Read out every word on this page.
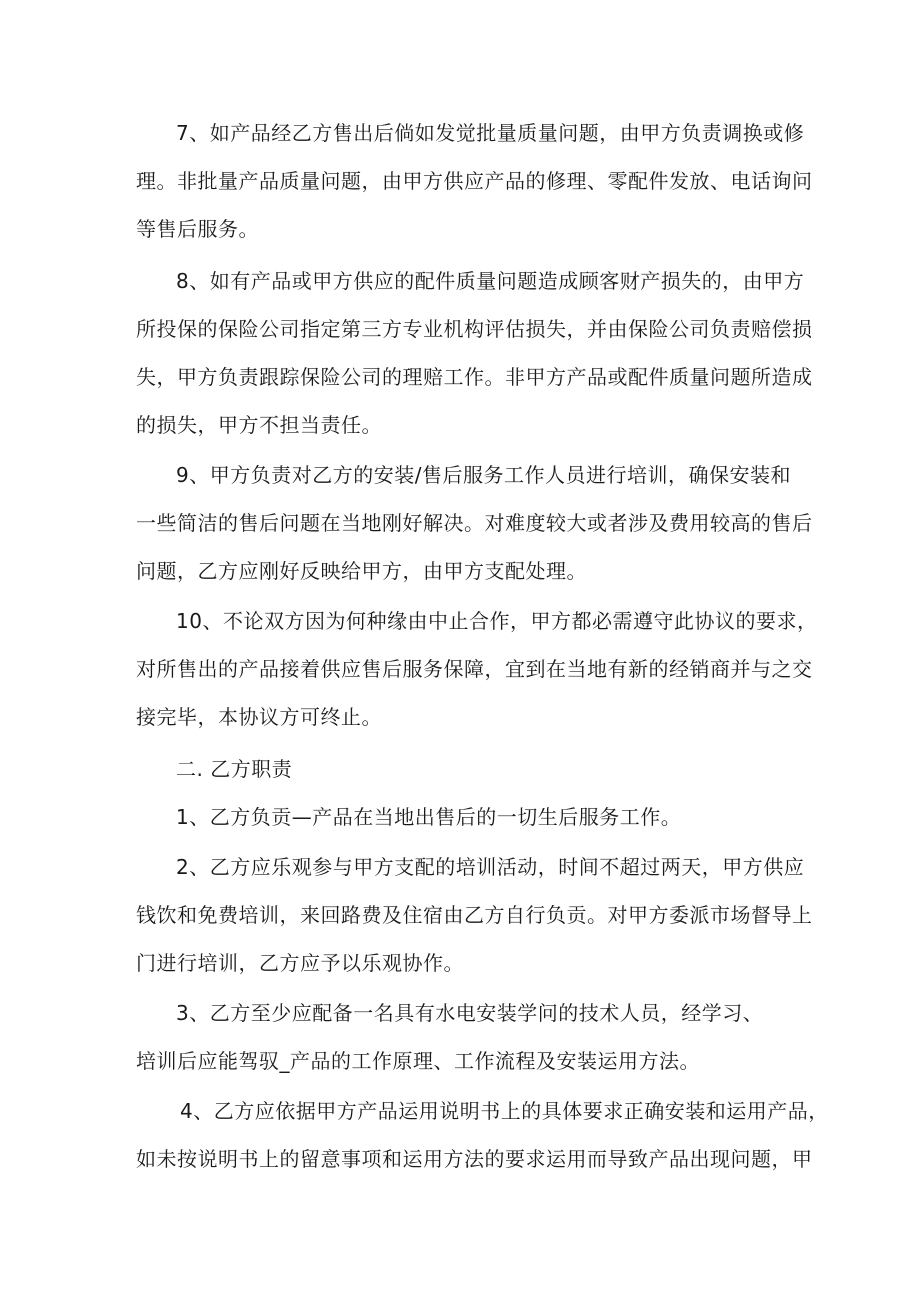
7、如产品经乙方售出后倘如发觉批量质量问题，由甲方负责调换或修
理。非批量产品质量问题，由甲方供应产品的修理、零配件发放、电话询问
等售后服务。
8、如有产品或甲方供应的配件质量问题造成顾客财产损失的，由甲方
所投保的保险公司指定第三方专业机构评估损失，并由保险公司负责赔偿损
失，甲方负责跟踪保险公司的理赔工作。非甲方产品或配件质量问题所造成
的损失，甲方不担当责任。
9、甲方负责对乙方的安装/售后服务工作人员进行培训，确保安装和
一些简洁的售后问题在当地刚好解决。对难度较大或者涉及费用较高的售后
问题，乙方应刚好反映给甲方，由甲方支配处理。
10、不论双方因为何种缘由中止合作，甲方都必需遵守此协议的要求，
对所售出的产品接着供应售后服务保障，宜到在当地有新的经销商并与之交
接完毕，本协议方可终止。
二. 乙方职责
1、乙方负贡—产品在当地出售后的一切生后服务工作。
2、乙方应乐观参与甲方支配的培训活动，时间不超过两天，甲方供应
钱饮和免费培训，来回路费及住宿由乙方自行负贡。对甲方委派市场督导上
门进行培训，乙方应予以乐观协作。
3、乙方至少应配备一名具有水电安装学问的技术人员，经学习、
培训后应能驾驭_产品的工作原理、工作流程及安装运用方法。
4、乙方应依据甲方产品运用说明书上的具体要求正确安装和运用产品，
如未按说明书上的留意事项和运用方法的要求运用而导致产品出现问题，甲
